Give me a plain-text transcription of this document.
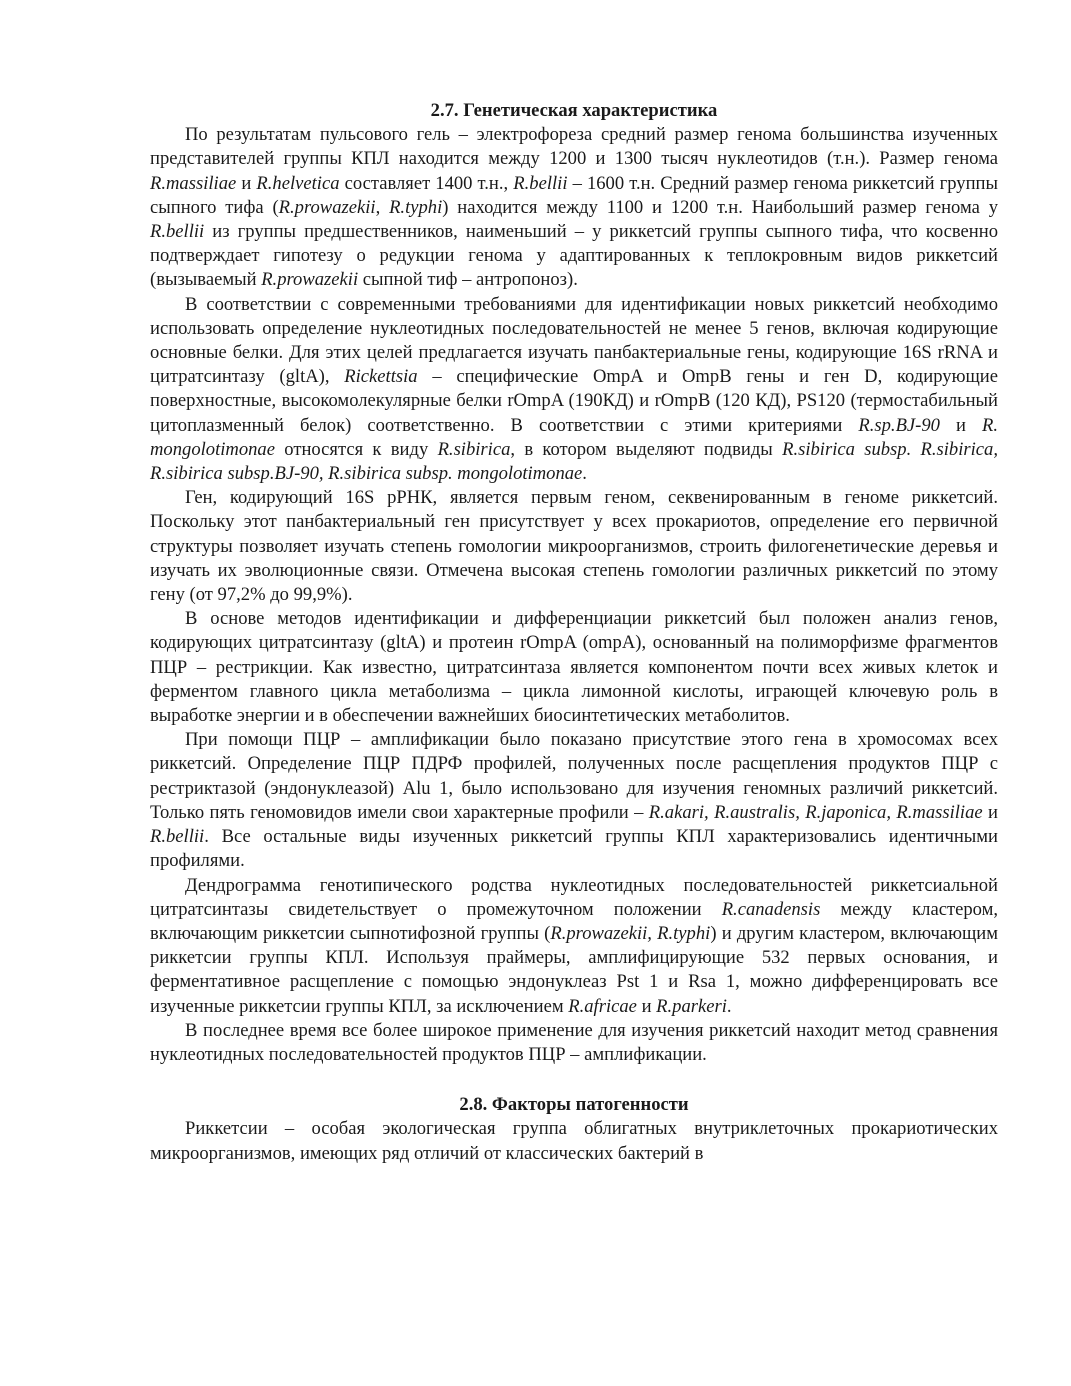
2.7. Генетическая характеристика

По результатам пульсового гель – электрофореза средний размер генома большинства изученных представителей группы КПЛ находится между 1200 и 1300 тысяч нуклеотидов (т.н.). Размер генома R.massiliae и R.helvetica составляет 1400 т.н., R.bellii – 1600 т.н. Средний размер генома риккетсий группы сыпного тифа (R.prowazekii, R.typhi) находится между 1100 и 1200 т.н. Наибольший размер генома у R.bellii из группы предшественников, наименьший – у риккетсий группы сыпного тифа, что косвенно подтверждает гипотезу о редукции генома у адаптированных к теплокровным видов риккетсий (вызываемый R.prowazekii сыпной тиф – антропоноз).

В соответствии с современными требованиями для идентификации новых риккетсий необходимо использовать определение нуклеотидных последовательностей не менее 5 генов, включая кодирующие основные белки. Для этих целей предлагается изучать панбактериальные гены, кодирующие 16S rRNA и цитратсинтазу (gltA), Rickettsia – специфические OmpA и OmpB гены и ген D, кодирующие поверхностные, высокомолекулярные белки rOmpA (190КД) и rOmpB (120 КД), PS120 (термостабильный цитоплазменный белок) соответственно. В соответствии с этими критериями R.sp.BJ-90 и R. mongolotimonae относятся к виду R.sibirica, в котором выделяют подвиды R.sibirica subsp. R.sibirica, R.sibirica subsp.BJ-90, R.sibirica subsp. mongolotimonae.

Ген, кодирующий 16S рРНК, является первым геном, секвенированным в геноме риккетсий. Поскольку этот панбактериальный ген присутствует у всех прокариотов, определение его первичной структуры позволяет изучать степень гомологии микроорганизмов, строить филогенетические деревья и изучать их эволюционные связи. Отмечена высокая степень гомологии различных риккетсий по этому гену (от 97,2% до 99,9%).

В основе методов идентификации и дифференциации риккетсий был положен анализ генов, кодирующих цитратсинтазу (gltA) и протеин rOmpA (ompA), основанный на полиморфизме фрагментов ПЦР – рестрикции. Как известно, цитратсинтаза является компонентом почти всех живых клеток и ферментом главного цикла метаболизма – цикла лимонной кислоты, играющей ключевую роль в выработке энергии и в обеспечении важнейших биосинтетических метаболитов.

При помощи ПЦР – амплификации было показано присутствие этого гена в хромосомах всех риккетсий. Определение ПЦР ПДРФ профилей, полученных после расщепления продуктов ПЦР с рестриктазой (эндонуклеазой) Alu 1, было использовано для изучения геномных различий риккетсий. Только пять геномовидов имели свои характерные профили – R.akari, R.australis, R.japonica, R.massiliae и R.bellii. Все остальные виды изученных риккетсий группы КПЛ характеризовались идентичными профилями.

Дендрограмма генотипического родства нуклеотидных последовательностей риккетсиальной цитратсинтазы свидетельствует о промежуточном положении R.canadensis между кластером, включающим риккетсии сыпнотифозной группы (R.prowazekii, R.typhi) и другим кластером, включающим риккетсии группы КПЛ. Используя праймеры, амплифицирующие 532 первых основания, и ферментативное расщепление с помощью эндонуклеаз Pst 1 и Rsa 1, можно дифференцировать все изученные риккетсии группы КПЛ, за исключением R.africae и R.parkeri.

В последнее время все более широкое применение для изучения риккетсий находит метод сравнения нуклеотидных последовательностей продуктов ПЦР – амплификации.

2.8. Факторы патогенности

Риккетсии – особая экологическая группа облигатных внутриклеточных прокариотических микроорганизмов, имеющих ряд отличий от классических бактерий в
